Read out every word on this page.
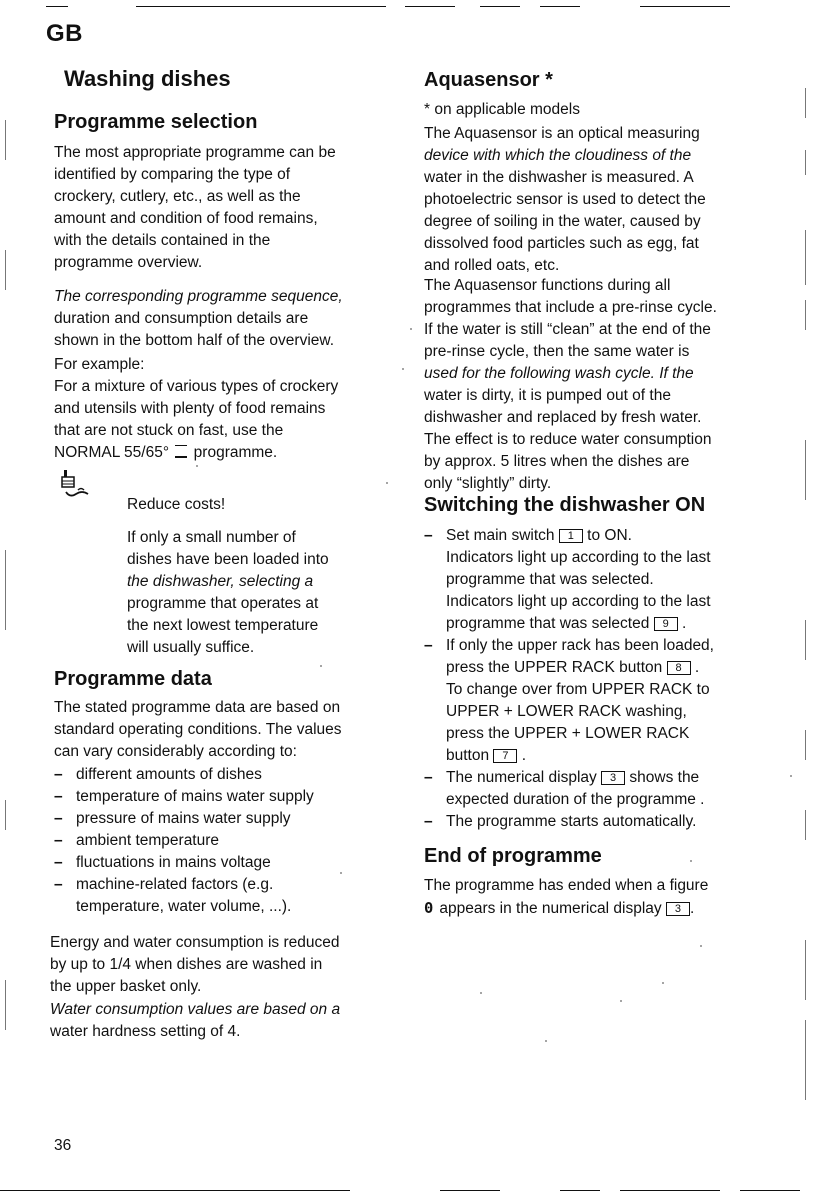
GB
Washing dishes
Programme selection
The most appropriate programme can be
identified by comparing the type of
crockery, cutlery, etc., as well as the
amount and condition of food remains,
with the details contained in the
programme overview.
The corresponding programme sequence,
duration and consumption details are
shown in the bottom half of the overview.
For example:
For a mixture of various types of crockery
and utensils with plenty of food remains
that are not stuck on fast, use the
NORMAL 55/65° programme.
Reduce costs!
If only a small number of
dishes have been loaded into
the dishwasher, selecting a
programme that operates at
the next lowest temperature
will usually suffice.
Programme data
The stated programme data are based on
standard operating conditions. The values
can vary considerably according to:
– different amounts of dishes
– temperature of mains water supply
– pressure of mains water supply
– ambient temperature
– fluctuations in mains voltage
– machine-related factors (e.g.
temperature, water volume, ...).
Energy and water consumption is reduced
by up to 1/4 when dishes are washed in
the upper basket only.
Water consumption values are based on a
water hardness setting of 4.
36
Aquasensor *
* on applicable models
The Aquasensor is an optical measuring
device with which the cloudiness of the
water in the dishwasher is measured. A
photoelectric sensor is used to detect the
degree of soiling in the water, caused by
dissolved food particles such as egg, fat
and rolled oats, etc.
The Aquasensor functions during all
programmes that include a pre-rinse cycle.
If the water is still “clean” at the end of the
pre-rinse cycle, then the same water is
used for the following wash cycle. If the
water is dirty, it is pumped out of the
dishwasher and replaced by fresh water.
The effect is to reduce water consumption
by approx. 5 litres when the dishes are
only “slightly” dirty.
Switching the dishwasher ON
– Set main switch 1 to ON.
Indicators light up according to the last
programme that was selected.
Indicators light up according to the last
programme that was selected 9 .
– If only the upper rack has been loaded,
press the UPPER RACK button 8 .
To change over from UPPER RACK to
UPPER + LOWER RACK washing,
press the UPPER + LOWER RACK
button 7 .
– The numerical display 3 shows the
expected duration of the programme .
– The programme starts automatically.
End of programme
The programme has ended when a figure
0 appears in the numerical display 3 .
